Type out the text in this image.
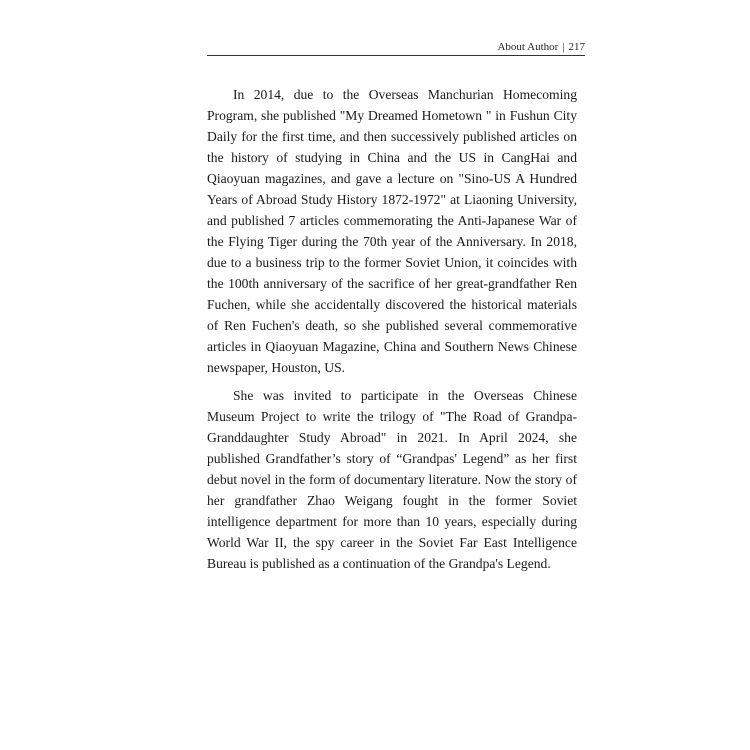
About Author | 217

In 2014, due to the Overseas Manchurian Homecoming Program, she published "My Dreamed Hometown " in Fushun City Daily for the first time, and then successively published articles on the history of studying in China and the US in CangHai and Qiaoyuan magazines, and gave a lecture on "Sino-US A Hundred Years of Abroad Study History 1872-1972" at Liaoning University, and published 7 articles commemorating the Anti-Japanese War of the Flying Tiger during the 70th year of the Anniversary. In 2018, due to a business trip to the former Soviet Union, it coincides with the 100th anniversary of the sacrifice of her great-grandfather Ren Fuchen, while she accidentally discovered the historical materials of Ren Fuchen's death, so she published several commemorative articles in Qiaoyuan Magazine, China and Southern News Chinese newspaper, Houston, US.

She was invited to participate in the Overseas Chinese Museum Project to write the trilogy of "The Road of Grandpa-Granddaughter Study Abroad" in 2021. In April 2024, she published Grandfather’s story of “Grandpas' Legend” as her first debut novel in the form of documentary literature. Now the story of her grandfather Zhao Weigang fought in the former Soviet intelligence department for more than 10 years, especially during World War II, the spy career in the Soviet Far East Intelligence Bureau is published as a continuation of the Grandpa's Legend.
